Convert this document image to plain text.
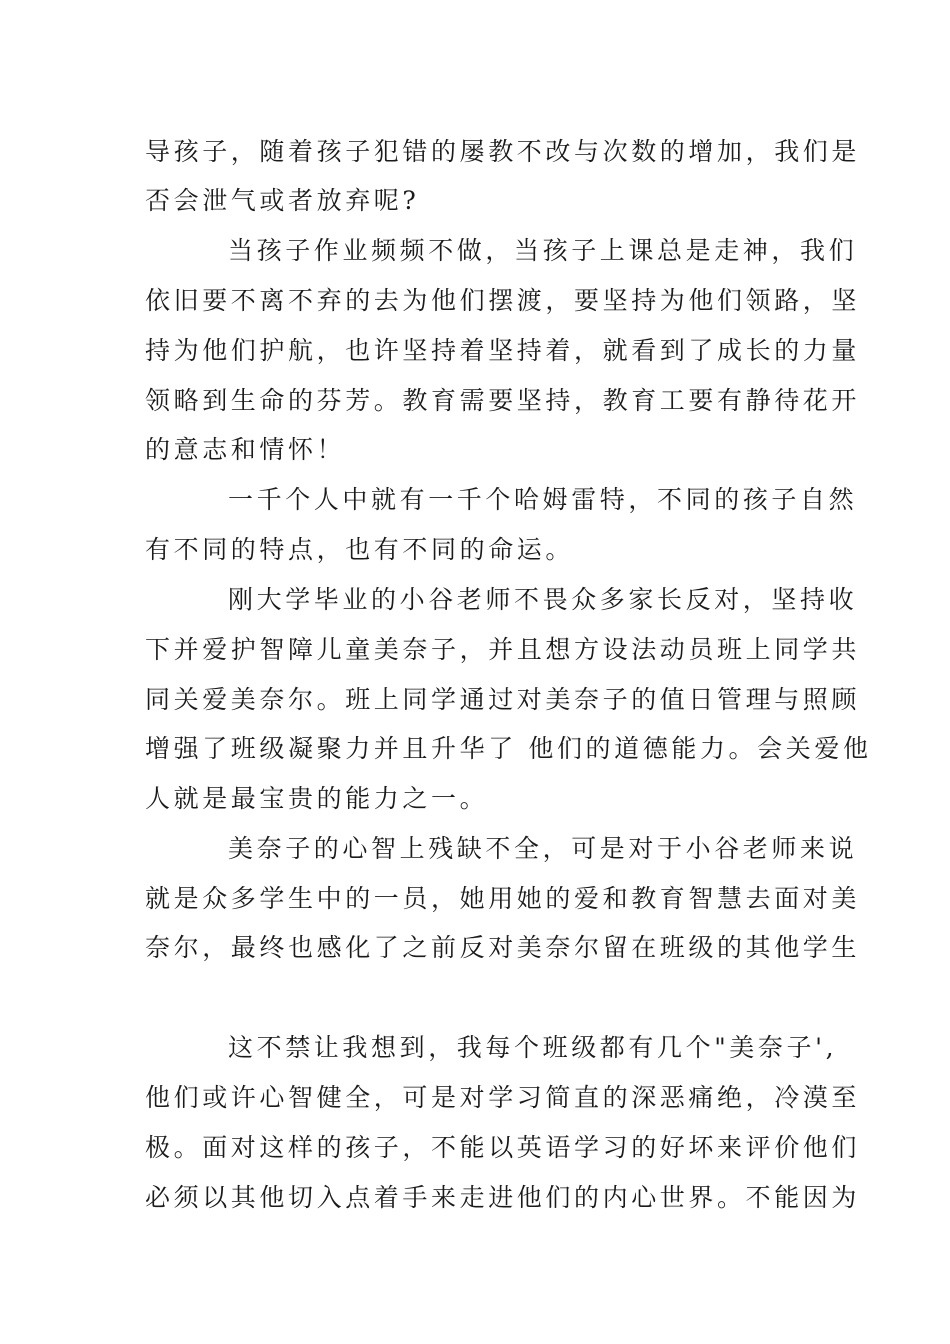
导孩子，随着孩子犯错的屡教不改与次数的增加，我们是
否会泄气或者放弃呢?
当孩子作业频频不做，当孩子上课总是走神，我们
依旧要不离不弃的去为他们摆渡，要坚持为他们领路，坚
持为他们护航，也许坚持着坚持着，就看到了成长的力量
领略到生命的芬芳。教育需要坚持，教育工要有静待花开
的意志和情怀！
一千个人中就有一千个哈姆雷特，不同的孩子自然
有不同的特点，也有不同的命运。
刚大学毕业的小谷老师不畏众多家长反对，坚持收
下并爱护智障儿童美奈子，并且想方设法动员班上同学共
同关爱美奈尔。班上同学通过对美奈子的值日管理与照顾
增强了班级凝聚力并且升华了 他们的道德能力。会关爱他
人就是最宝贵的能力之一。
美奈子的心智上残缺不全，可是对于小谷老师来说
就是众多学生中的一员，她用她的爱和教育智慧去面对美
奈尔，最终也感化了之前反对美奈尔留在班级的其他学生
这不禁让我想到，我每个班级都有几个"美奈子',
他们或许心智健全，可是对学习简直的深恶痛绝，冷漠至
极。面对这样的孩子，不能以英语学习的好坏来评价他们
必须以其他切入点着手来走进他们的内心世界。不能因为
